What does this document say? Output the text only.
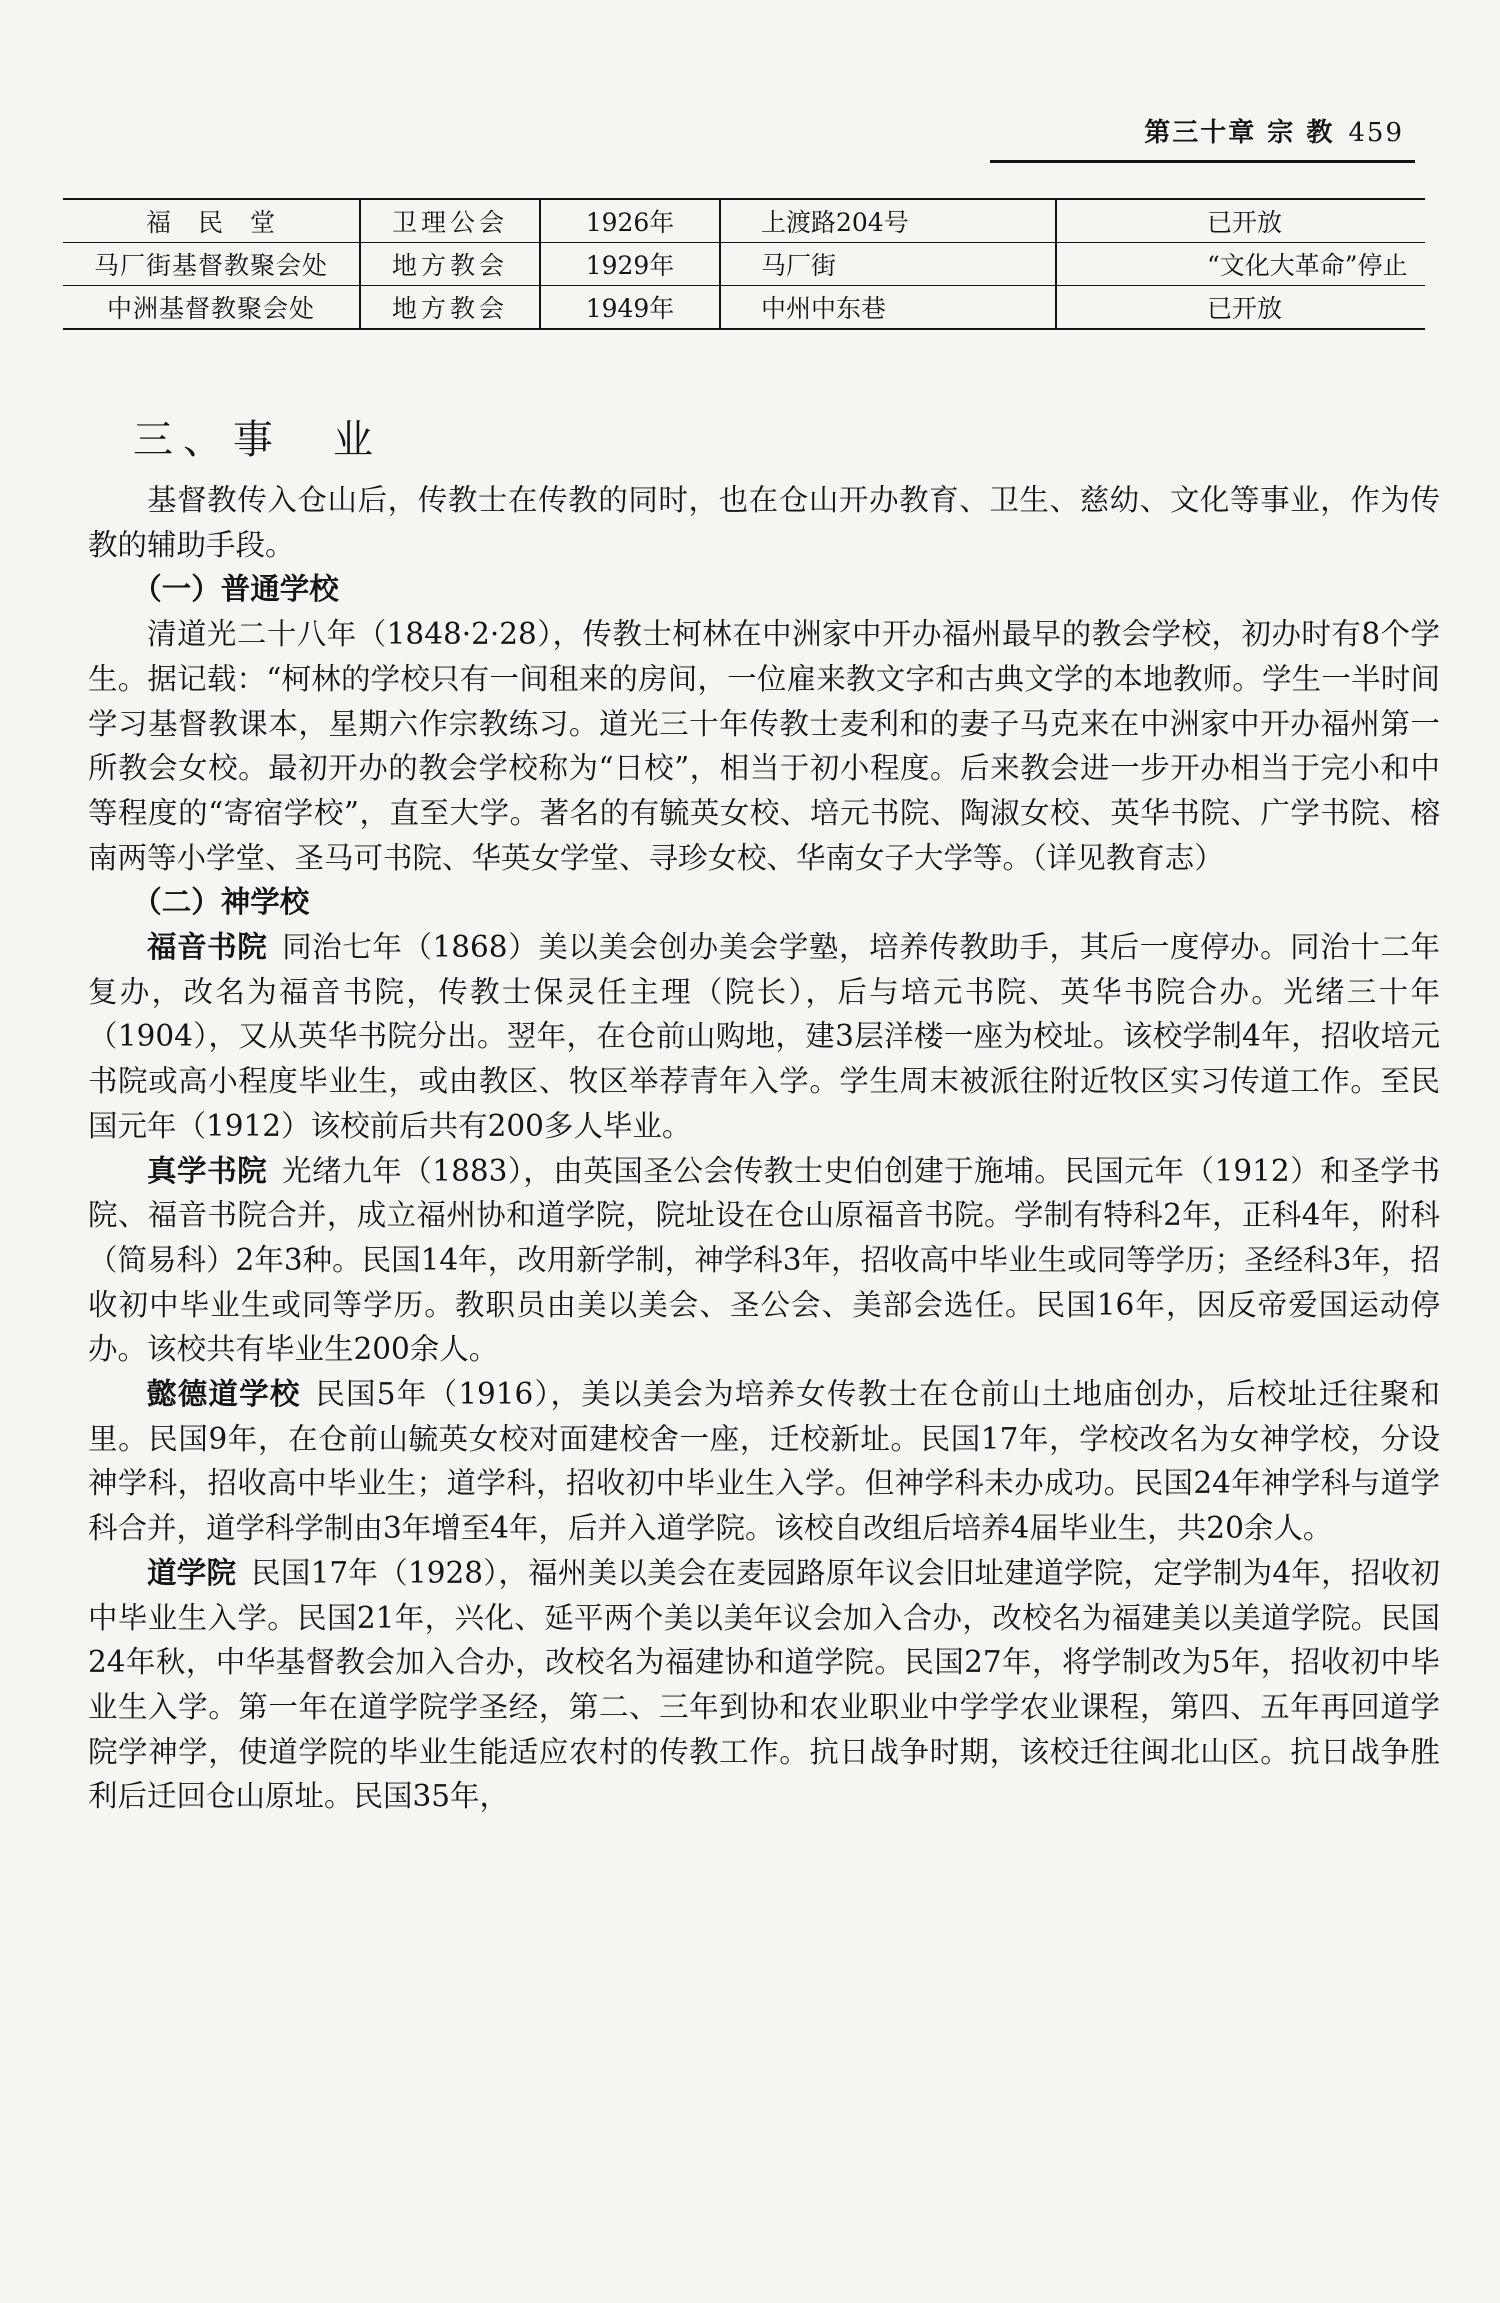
第三十章 宗 教 459
福　民　堂	卫理公会	1926年	上渡路204号	已开放
马厂街基督教聚会处	地方教会	1929年	马厂街	“文化大革命”停止
中洲基督教聚会处	地方教会	1949年	中州中东巷	已开放
三、事　业

基督教传入仓山后，传教士在传教的同时，也在仓山开办教育、卫生、慈幼、文化等事业，作为传教的辅助手段。

（一）普通学校

清道光二十八年（1848·2·28），传教士柯林在中洲家中开办福州最早的教会学校，初办时有8个学生。据记载：“柯林的学校只有一间租来的房间，一位雇来教文字和古典文学的本地教师。学生一半时间学习基督教课本，星期六作宗教练习。道光三十年传教士麦利和的妻子马克来在中洲家中开办福州第一所教会女校。最初开办的教会学校称为“日校”，相当于初小程度。后来教会进一步开办相当于完小和中等程度的“寄宿学校”，直至大学。著名的有毓英女校、培元书院、陶淑女校、英华书院、广学书院、榕南两等小学堂、圣马可书院、华英女学堂、寻珍女校、华南女子大学等。（详见教育志）

（二）神学校

福音书院 同治七年（1868）美以美会创办美会学塾，培养传教助手，其后一度停办。同治十二年复办，改名为福音书院，传教士保灵任主理（院长），后与培元书院、英华书院合办。光绪三十年（1904），又从英华书院分出。翌年，在仓前山购地，建3层洋楼一座为校址。该校学制4年，招收培元书院或高小程度毕业生，或由教区、牧区举荐青年入学。学生周末被派往附近牧区实习传道工作。至民国元年（1912）该校前后共有200多人毕业。

真学书院 光绪九年（1883），由英国圣公会传教士史伯创建于施埔。民国元年（1912）和圣学书院、福音书院合并，成立福州协和道学院，院址设在仓山原福音书院。学制有特科2年，正科4年，附科（简易科）2年3种。民国14年，改用新学制，神学科3年，招收高中毕业生或同等学历；圣经科3年，招收初中毕业生或同等学历。教职员由美以美会、圣公会、美部会选任。民国16年，因反帝爱国运动停办。该校共有毕业生200余人。

懿德道学校 民国5年（1916），美以美会为培养女传教士在仓前山土地庙创办，后校址迁往聚和里。民国9年，在仓前山毓英女校对面建校舍一座，迁校新址。民国17年，学校改名为女神学校，分设神学科，招收高中毕业生；道学科，招收初中毕业生入学。但神学科未办成功。民国24年神学科与道学科合并，道学科学制由3年增至4年，后并入道学院。该校自改组后培养4届毕业生，共20余人。

道学院 民国17年（1928），福州美以美会在麦园路原年议会旧址建道学院，定学制为4年，招收初中毕业生入学。民国21年，兴化、延平两个美以美年议会加入合办，改校名为福建美以美道学院。民国24年秋，中华基督教会加入合办，改校名为福建协和道学院。民国27年，将学制改为5年，招收初中毕业生入学。第一年在道学院学圣经，第二、三年到协和农业职业中学学农业课程，第四、五年再回道学院学神学，使道学院的毕业生能适应农村的传教工作。抗日战争时期，该校迁往闽北山区。抗日战争胜利后迁回仓山原址。民国35年，
